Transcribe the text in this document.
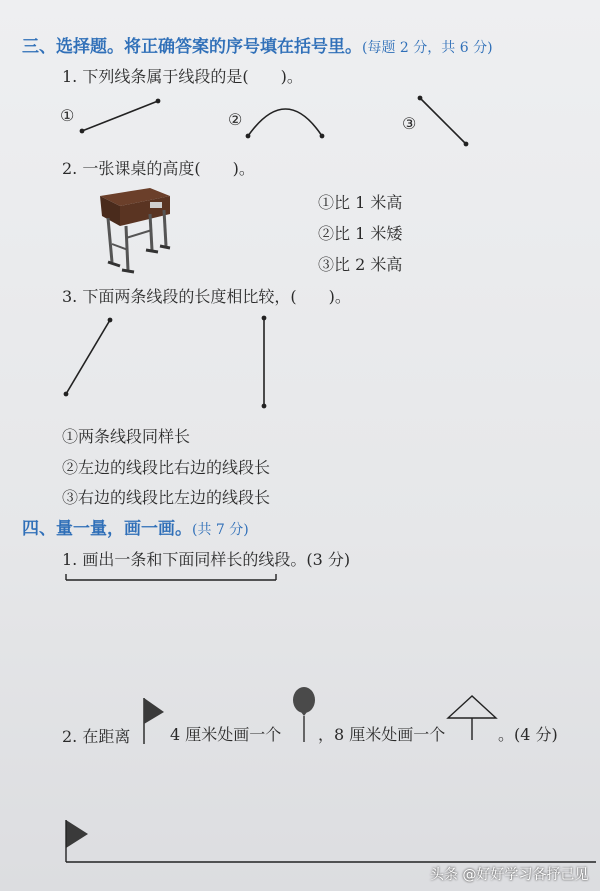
三、选择题。将正确答案的序号填在括号里。(每题 2 分，共 6 分)
1. 下列线条属于线段的是(　　)。
①	②	③
2. 一张课桌的高度(　　)。
①比 1 米高
②比 1 米矮
③比 2 米高
3. 下面两条线段的长度相比较，(　　)。
①两条线段同样长
②左边的线段比右边的线段长
③右边的线段比左边的线段长
四、量一量，画一画。(共 7 分)
1. 画出一条和下面同样长的线段。(3 分)
2. 在距离 4 厘米处画一个 ，8 厘米处画一个	。(4 分)
头条 @好好学习各抒己见
